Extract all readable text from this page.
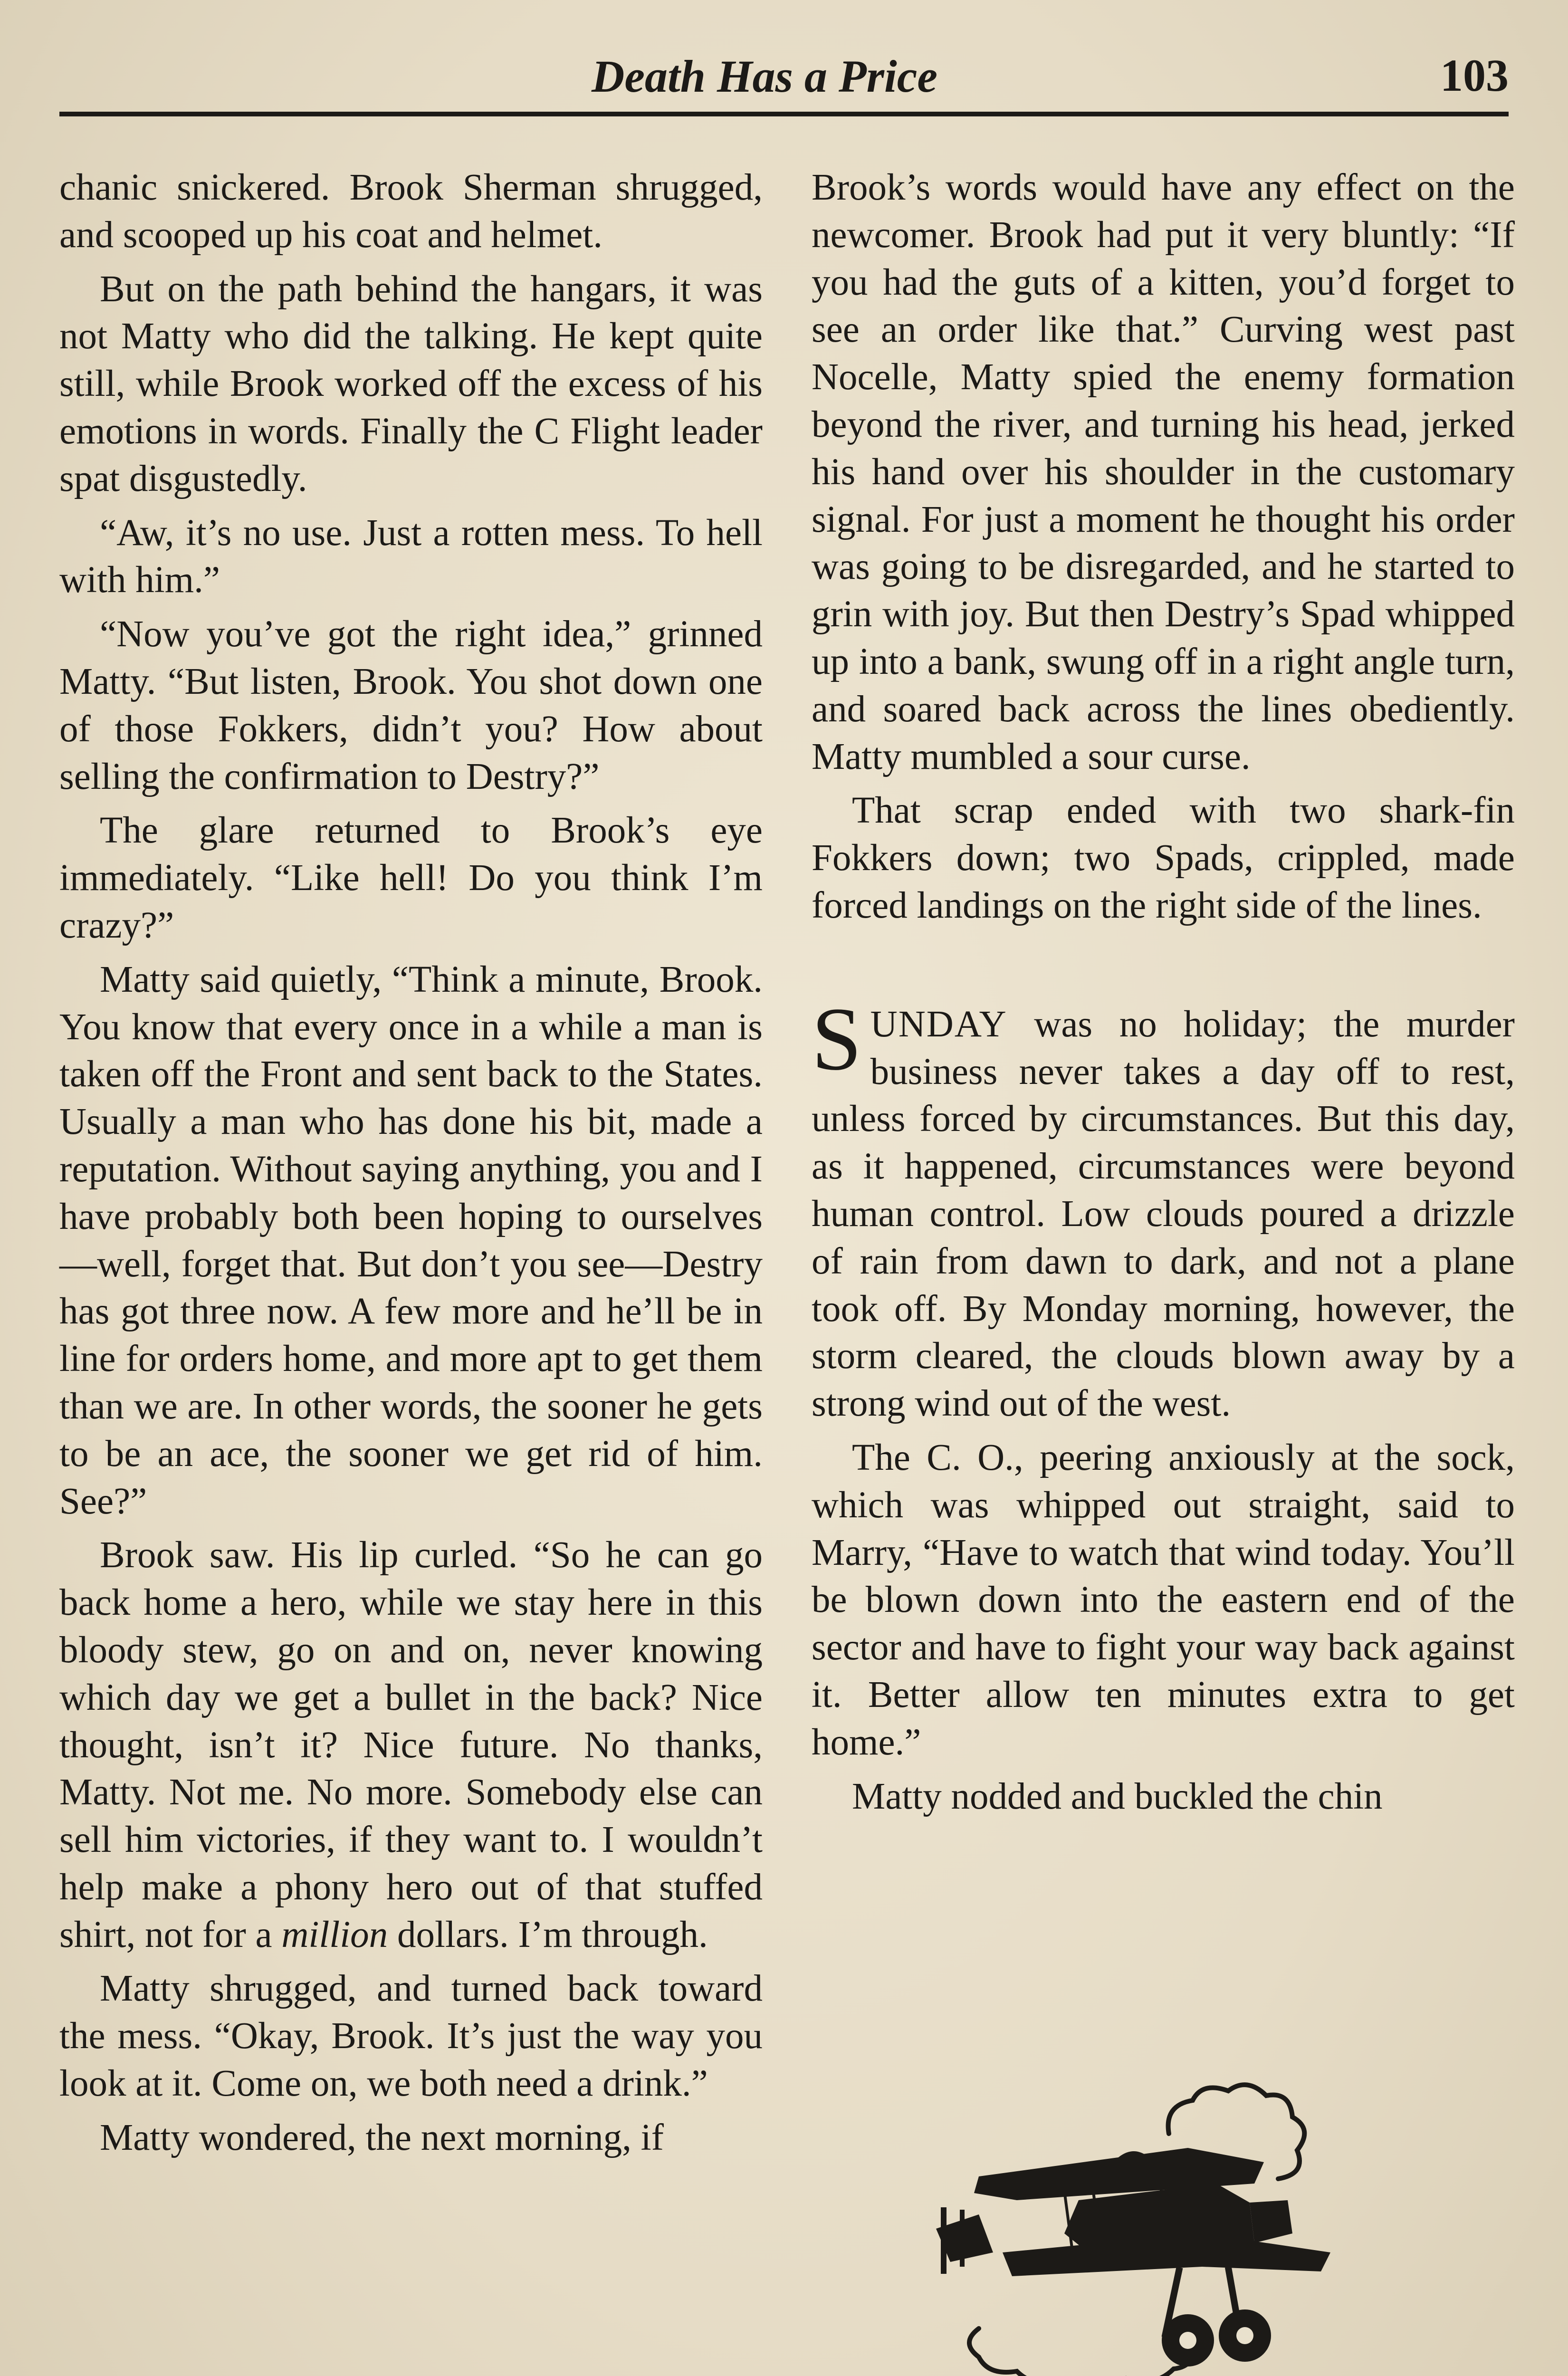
Death Has a Price	103

chanic snickered. Brook Sherman shrugged, and scooped up his coat and helmet.

But on the path behind the hangars, it was not Matty who did the talking. He kept quite still, while Brook worked off the excess of his emotions in words. Finally the C Flight leader spat disgustedly.

“Aw, it’s no use. Just a rotten mess. To hell with him.”

“Now you’ve got the right idea,” grinned Matty. “But listen, Brook. You shot down one of those Fokkers, didn’t you? How about selling the confirmation to Destry?”

The glare returned to Brook’s eye immediately. “Like hell! Do you think I’m crazy?”

Matty said quietly, “Think a minute, Brook. You know that every once in a while a man is taken off the Front and sent back to the States. Usually a man who has done his bit, made a reputation. Without saying anything, you and I have probably both been hoping to ourselves—well, forget that. But don’t you see—Destry has got three now. A few more and he’ll be in line for orders home, and more apt to get them than we are. In other words, the sooner he gets to be an ace, the sooner we get rid of him. See?”

Brook saw. His lip curled. “So he can go back home a hero, while we stay here in this bloody stew, go on and on, never knowing which day we get a bullet in the back? Nice thought, isn’t it? Nice future. No thanks, Matty. Not me. No more. Somebody else can sell him victories, if they want to. I wouldn’t help make a phony hero out of that stuffed shirt, not for a million dollars. I’m through.

Matty shrugged, and turned back toward the mess. “Okay, Brook. It’s just the way you look at it. Come on, we both need a drink.”

Matty wondered, the next morning, if

Brook’s words would have any effect on the newcomer. Brook had put it very bluntly: “If you had the guts of a kitten, you’d forget to see an order like that.” Curving west past Nocelle, Matty spied the enemy formation beyond the river, and turning his head, jerked his hand over his shoulder in the customary signal. For just a moment he thought his order was going to be disregarded, and he started to grin with joy. But then Destry’s Spad whipped up into a bank, swung off in a right angle turn, and soared back across the lines obediently. Matty mumbled a sour curse.

That scrap ended with two shark-fin Fokkers down; two Spads, crippled, made forced landings on the right side of the lines.

SUNDAY was no holiday; the murder business never takes a day off to rest, unless forced by circumstances. But this day, as it happened, circumstances were beyond human control. Low clouds poured a drizzle of rain from dawn to dark, and not a plane took off. By Monday morning, however, the storm cleared, the clouds blown away by a strong wind out of the west.

The C. O., peering anxiously at the sock, which was whipped out straight, said to Marry, “Have to watch that wind today. You’ll be blown down into the eastern end of the sector and have to fight your way back against it. Better allow ten minutes extra to get home.”

Matty nodded and buckled the chin
